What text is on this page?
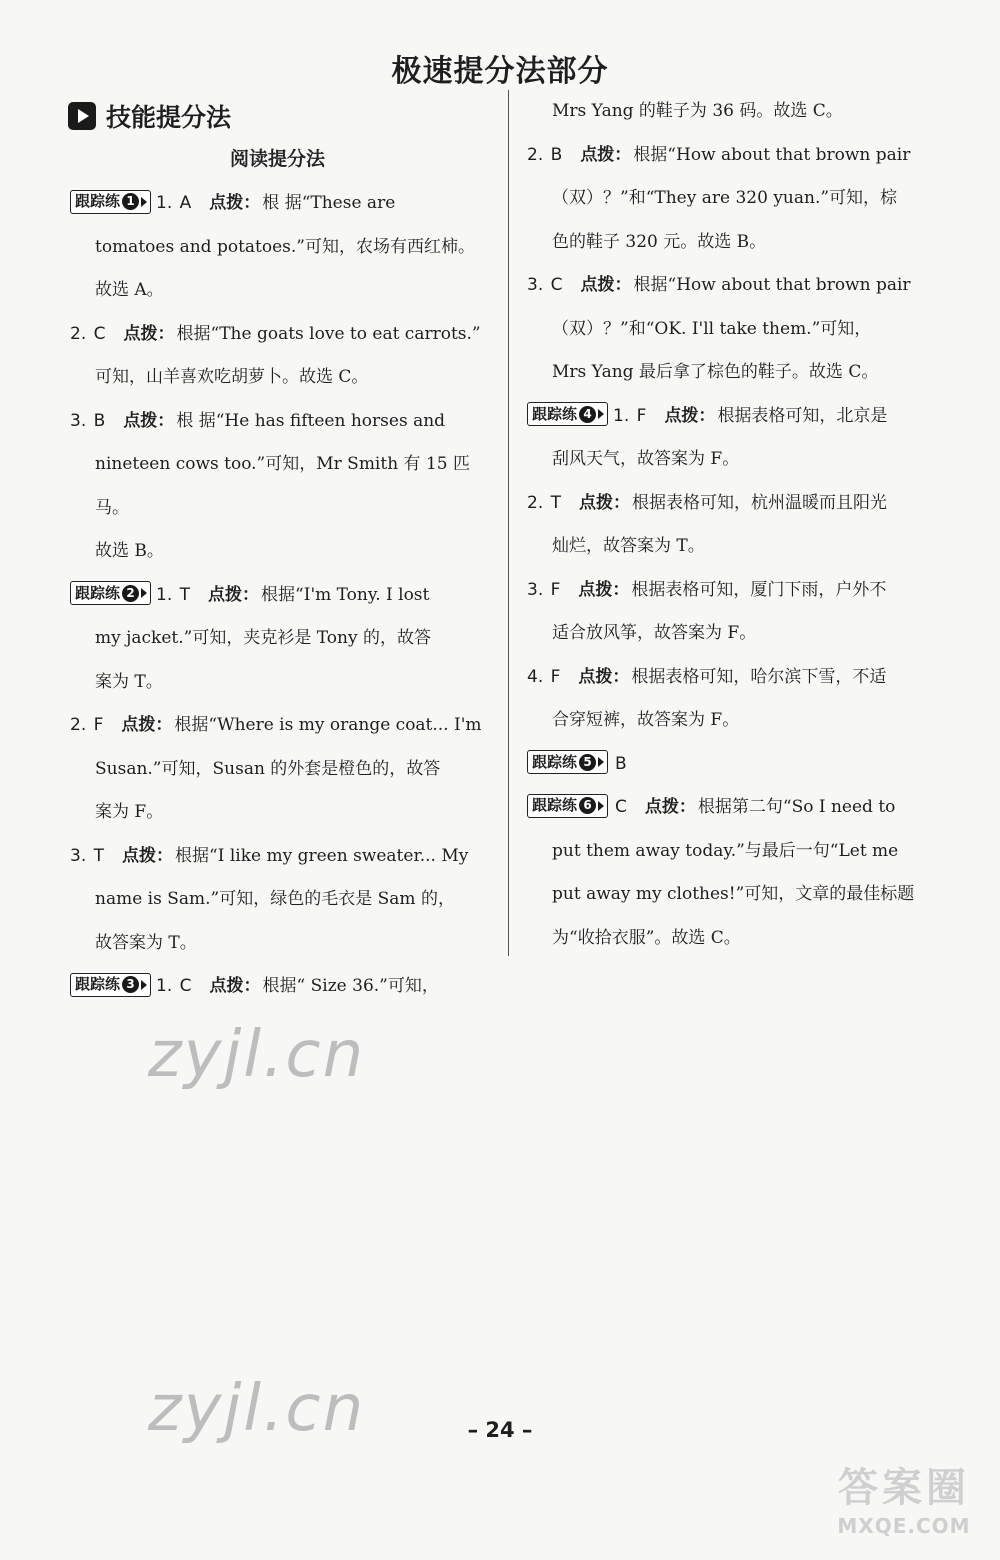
极速提分法部分
技能提分法
阅读提分法
跟踪练 1 1. A 点拨： 根 据“These are
tomatoes and potatoes.”可知，农场有西红柿。
故选 A。
2. C 点拨： 根据“The goats love to eat carrots.”
可知，山羊喜欢吃胡萝卜。故选 C。
3. B 点拨： 根 据“He has fifteen horses and
nineteen cows too.”可知，Mr Smith 有 15 匹马。
故选 B。
跟踪练 2 1. T 点拨： 根据“I'm Tony. I lost
my jacket.”可知，夹克衫是 Tony 的，故答
案为 T。
2. F 点拨： 根据“Where is my orange coat... I'm
Susan.”可知，Susan 的外套是橙色的，故答
案为 F。
3. T 点拨： 根据“I like my green sweater... My
name is Sam.”可知，绿色的毛衣是 Sam 的，
故答案为 T。
跟踪练 3 1. C 点拨： 根据“ Size 36.”可知，
Mrs Yang 的鞋子为 36 码。故选 C。
2. B 点拨： 根据“How about that brown pair
（双）？”和“They are 320 yuan.”可知，棕
色的鞋子 320 元。故选 B。
3. C 点拨： 根据“How about that brown pair
（双）？”和“OK. I'll take them.”可知，
Mrs Yang 最后拿了棕色的鞋子。故选 C。
跟踪练 4 1. F 点拨： 根据表格可知，北京是
刮风天气，故答案为 F。
2. T 点拨： 根据表格可知，杭州温暖而且阳光
灿烂，故答案为 T。
3. F 点拨： 根据表格可知，厦门下雨，户外不
适合放风筝，故答案为 F。
4. F 点拨： 根据表格可知，哈尔滨下雪，不适
合穿短裤，故答案为 F。
跟踪练 5 B
跟踪练 6 C 点拨： 根据第二句“So I need to
put them away today.”与最后一句“Let me
put away my clothes!”可知，文章的最佳标题
为“收拾衣服”。故选 C。
zyjl.cn
zyjl.cn	– 24 –
答案圈
MXQE.COM
